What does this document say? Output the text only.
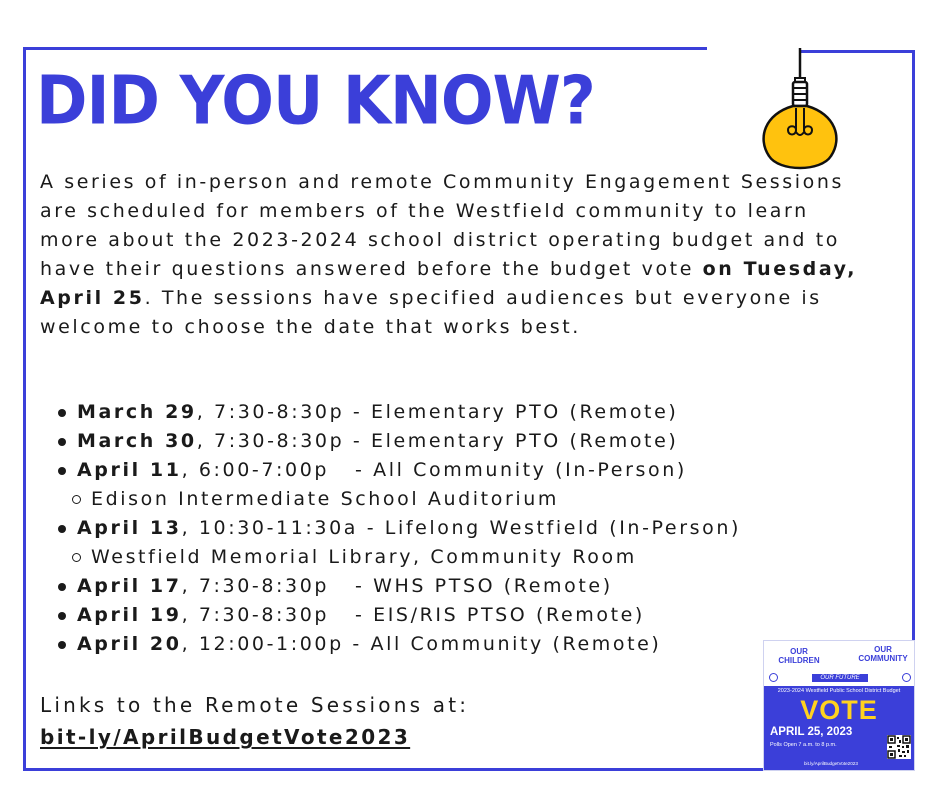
DID YOU KNOW?

A series of in-person and remote Community Engagement Sessions are scheduled for members of the Westfield community to learn more about the 2023-2024 school district operating budget and to have their questions answered before the budget vote on Tuesday, April 25. The sessions have specified audiences but everyone is welcome to choose the date that works best.

March 29, 7:30-8:30p - Elementary PTO (Remote)
March 30, 7:30-8:30p - Elementary PTO (Remote)
April 11, 6:00-7:00p   - All Community (In-Person)
Edison Intermediate School Auditorium
April 13, 10:30-11:30a - Lifelong Westfield (In-Person)
Westfield Memorial Library, Community Room
April 17, 7:30-8:30p   - WHS PTSO (Remote)
April 19, 7:30-8:30p   - EIS/RIS PTSO (Remote)
April 20, 12:00-1:00p - All Community (Remote)

Links to the Remote Sessions at:

bit-ly/AprilBudgetVote2023
OUR CHILDREN
OUR COMMUNITY
OUR FUTURE
2023-2024 Westfield Public School District Budget
VOTE
APRIL 25, 2023
Polls Open 7 a.m. to 8 p.m.
bit.ly/AprilBudgetVote2023
